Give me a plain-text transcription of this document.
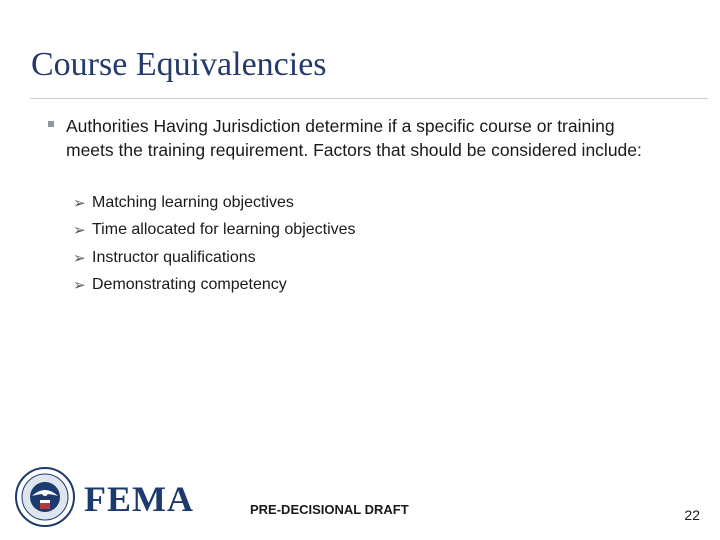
Course Equivalencies
Authorities Having Jurisdiction determine if a specific course or training meets the training requirement. Factors that should be considered include:
➢ Matching learning objectives
➢ Time allocated for learning objectives
➢ Instructor qualifications
➢ Demonstrating competency
FEMA	PRE-DECISIONAL DRAFT	22
